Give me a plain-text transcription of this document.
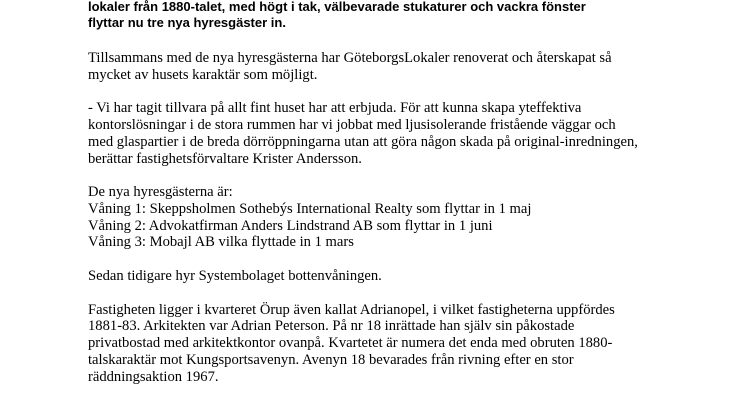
lokaler från 1880-talet, med högt i tak, välbevarade stukaturer och vackra fönster
flyttar nu tre nya hyresgäster in.

Tillsammans med de nya hyresgästerna har GöteborgsLokaler renoverat och återskapat så
mycket av husets karaktär som möjligt.

- Vi har tagit tillvara på allt fint huset har att erbjuda. För att kunna skapa yteffektiva
kontorslösningar i de stora rummen har vi jobbat med ljusisolerande fristående väggar och
med glaspartier i de breda dörröppningarna utan att göra någon skada på original-inredningen,
berättar fastighetsförvaltare Krister Andersson.

De nya hyresgästerna är:
Våning 1: Skeppsholmen Sothebýs International Realty som flyttar in 1 maj
Våning 2: Advokatfirman Anders Lindstrand AB som flyttar in 1 juni
Våning 3: Mobajl AB vilka flyttade in 1 mars

Sedan tidigare hyr Systembolaget bottenvåningen.

Fastigheten ligger i kvarteret Örup även kallat Adrianopel, i vilket fastigheterna uppfördes
1881-83. Arkitekten var Adrian Peterson. På nr 18 inrättade han själv sin påkostade
privatbostad med arkitektkontor ovanpå. Kvartetet är numera det enda med obruten 1880-
talskaraktär mot Kungsportsavenyn. Avenyn 18 bevarades från rivning efter en stor
räddningsaktion 1967.
